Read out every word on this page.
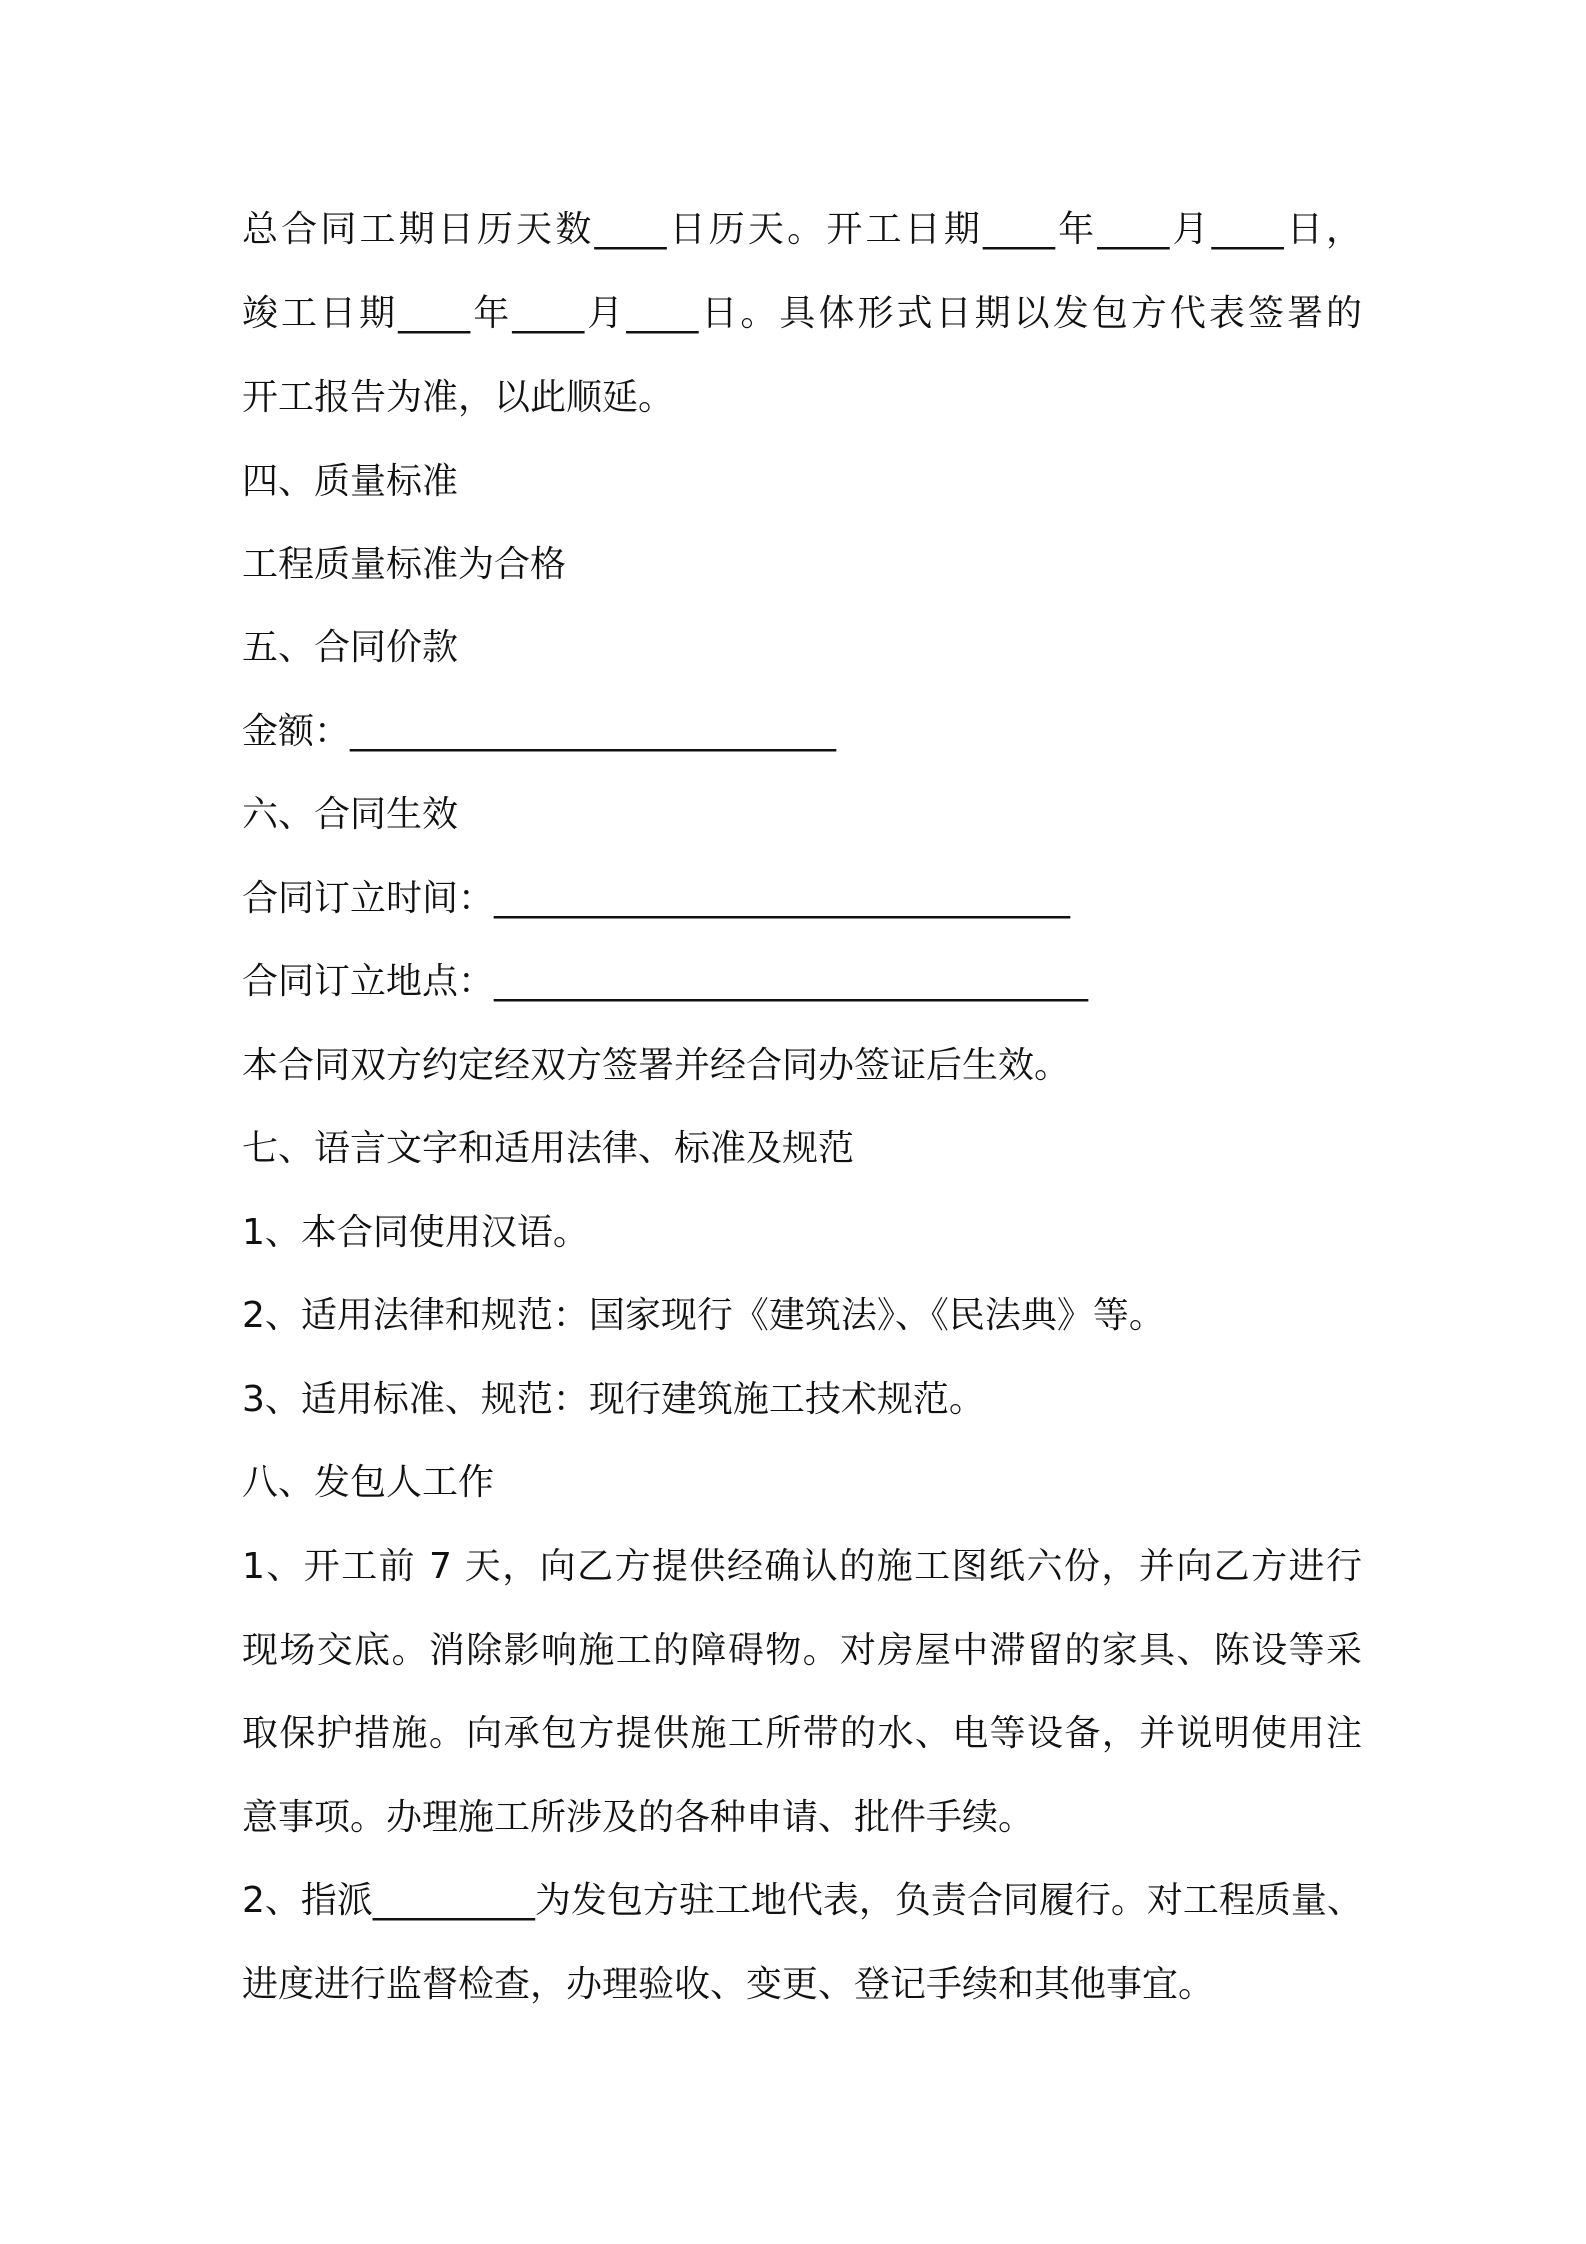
总合同工期日历天数____日历天。开工日期____年____月____日，
竣工日期____年____月____日。具体形式日期以发包方代表签署的
开工报告为准，以此顺延。
四、质量标准
工程质量标准为合格
五、合同价款
金额：___________________________
六、合同生效
合同订立时间：________________________________
合同订立地点：_________________________________
本合同双方约定经双方签署并经合同办签证后生效。
七、语言文字和适用法律、标准及规范
1、本合同使用汉语。
2、适用法律和规范：国家现行《建筑法》、《民法典》等。
3、适用标准、规范：现行建筑施工技术规范。
八、发包人工作
1、开工前 7 天，向乙方提供经确认的施工图纸六份，并向乙方进行
现场交底。消除影响施工的障碍物。对房屋中滞留的家具、陈设等采
取保护措施。向承包方提供施工所带的水、电等设备，并说明使用注
意事项。办理施工所涉及的各种申请、批件手续。
2、指派_________为发包方驻工地代表，负责合同履行。对工程质量、
进度进行监督检查，办理验收、变更、登记手续和其他事宜。
